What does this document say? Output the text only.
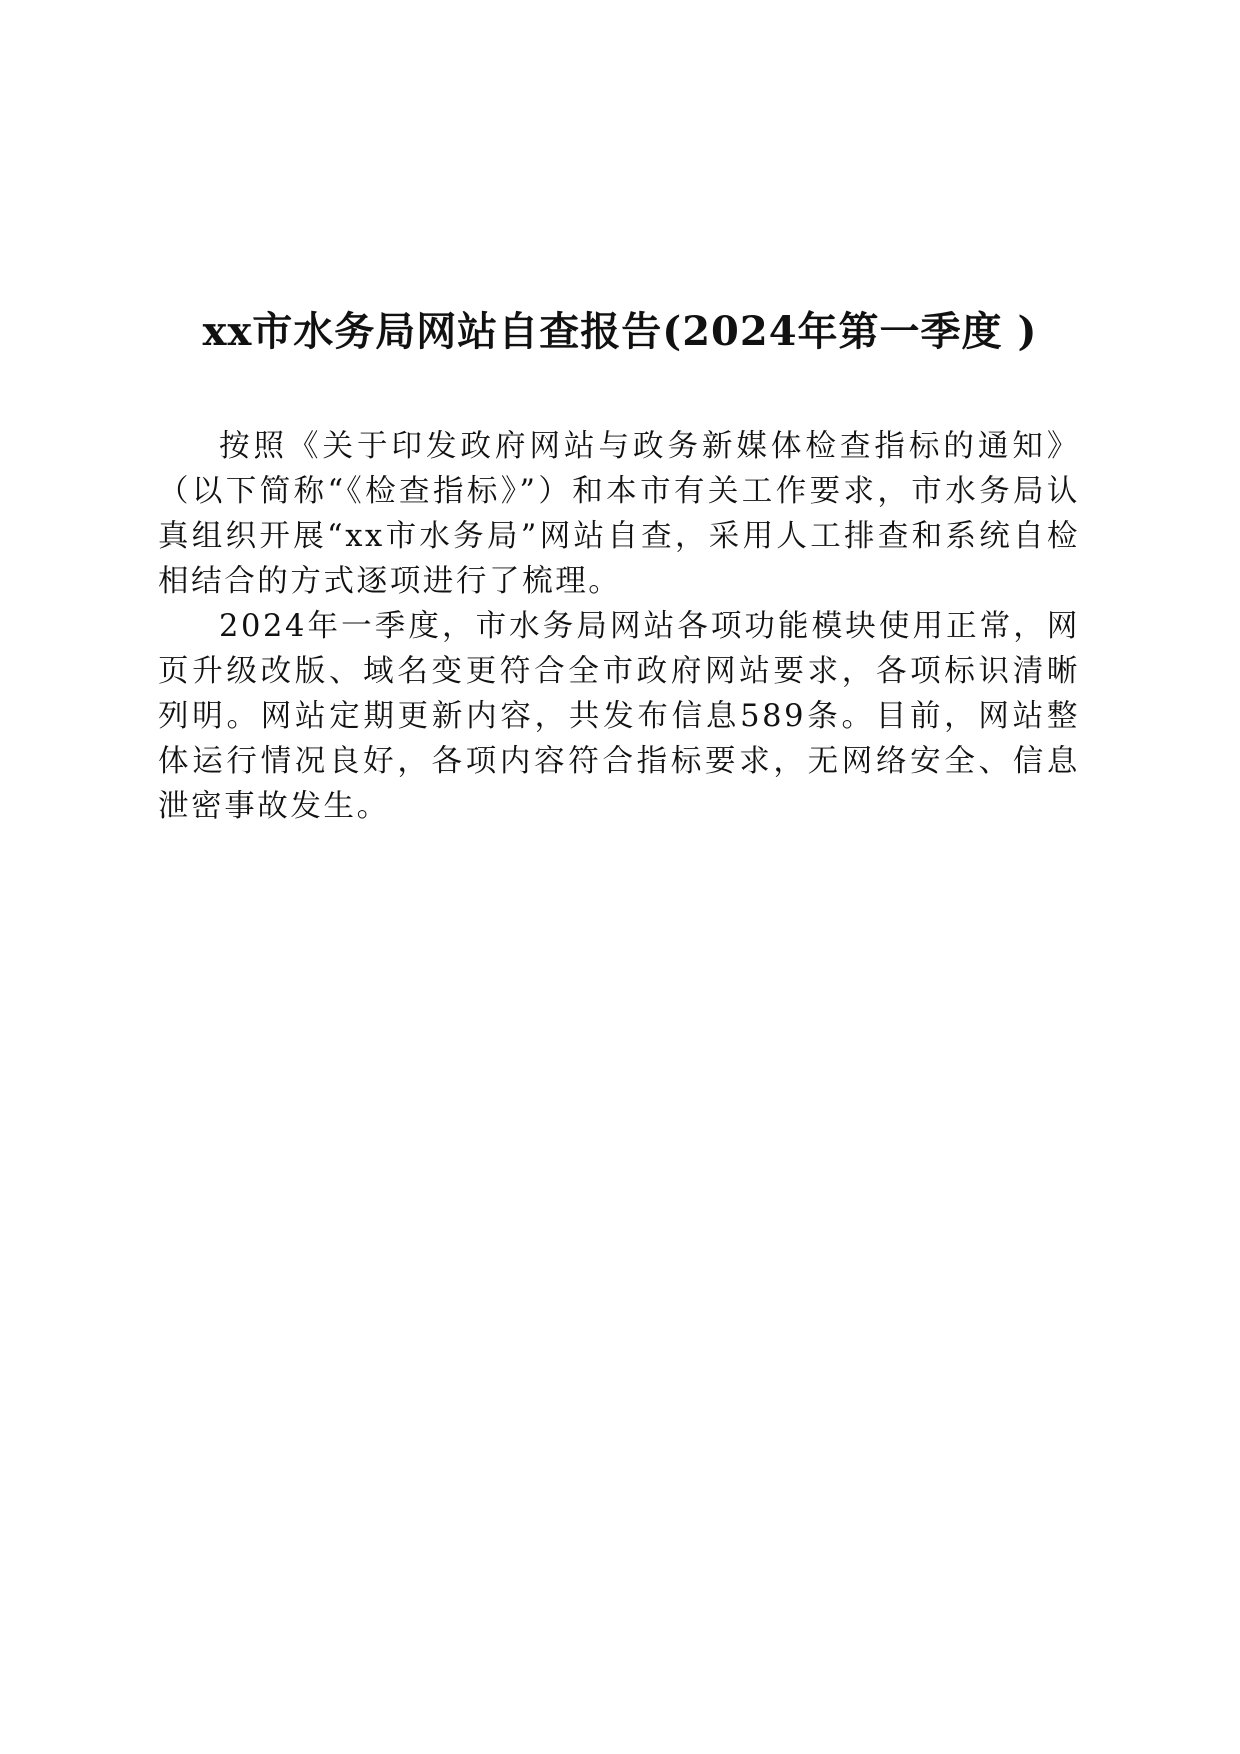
xx市水务局网站自查报告(2024年第一季度 )

按照《关于印发政府网站与政务新媒体检查指标的通知》（以下简称“《检查指标》”）和本市有关工作要求，市水务局认真组织开展“xx市水务局”网站自查，采用人工排查和系统自检相结合的方式逐项进行了梳理。

2024年一季度，市水务局网站各项功能模块使用正常，网页升级改版、域名变更符合全市政府网站要求，各项标识清晰列明。网站定期更新内容，共发布信息589条。目前，网站整体运行情况良好，各项内容符合指标要求，无网络安全、信息泄密事故发生。
